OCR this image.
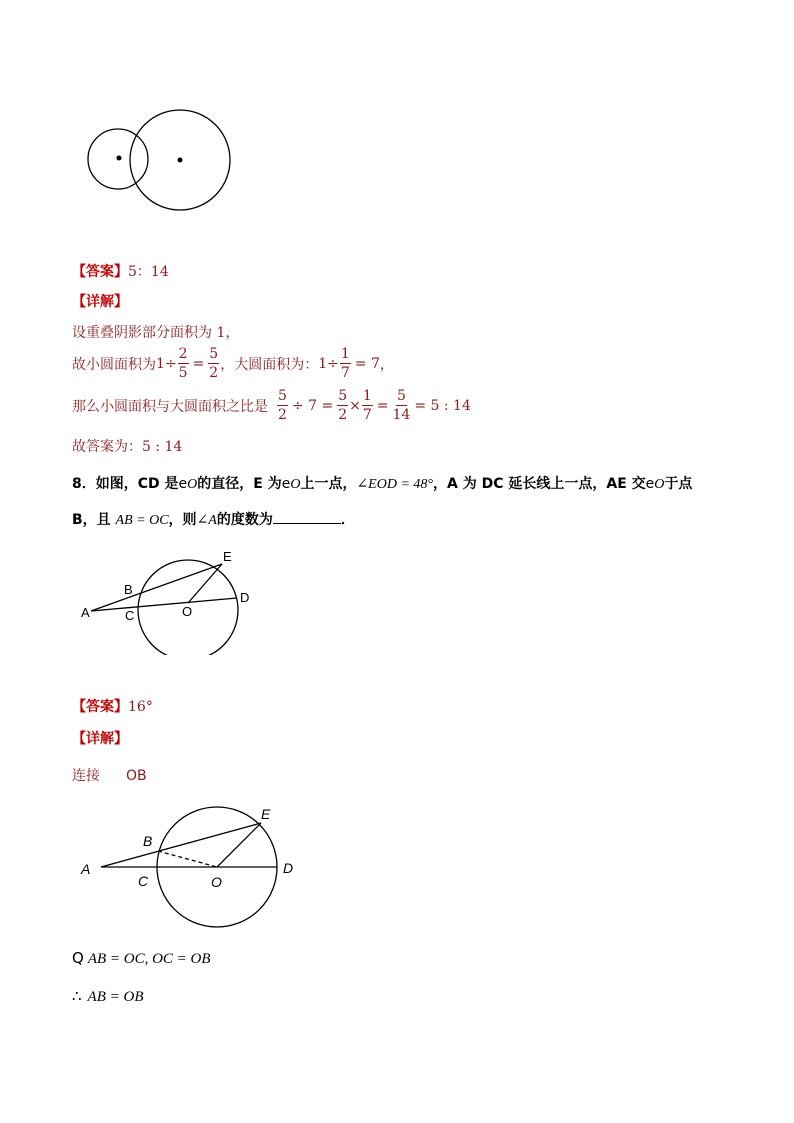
【答案】5：14
【详解】
设重叠阴影部分面积为 1，
故小圆面积为 $1\div \frac{2}{5} = \frac{5}{2}$ ，大圆面积为： $1\div \frac{1}{7} = 7$ ，
那么小圆面积与大圆面积之比是 $\frac{5}{2} \div 7 = \frac{5}{2} \times \frac{1}{7} = \frac{5}{14} = 5$ : 14
故答案为：5 : 14
8．如图，CD 是eO的直径，E 为eO上一点，∠EOD = 48°，A 为 DC 延长线上一点，AE 交eO于点
B，且 AB = OC，则∠A的度数为	．
A
B
C	O
D
E
【答案】16°
【详解】
连接 OB
A
B
C	O
D
E
Q AB = OC, OC = OB
∴ AB = OB
